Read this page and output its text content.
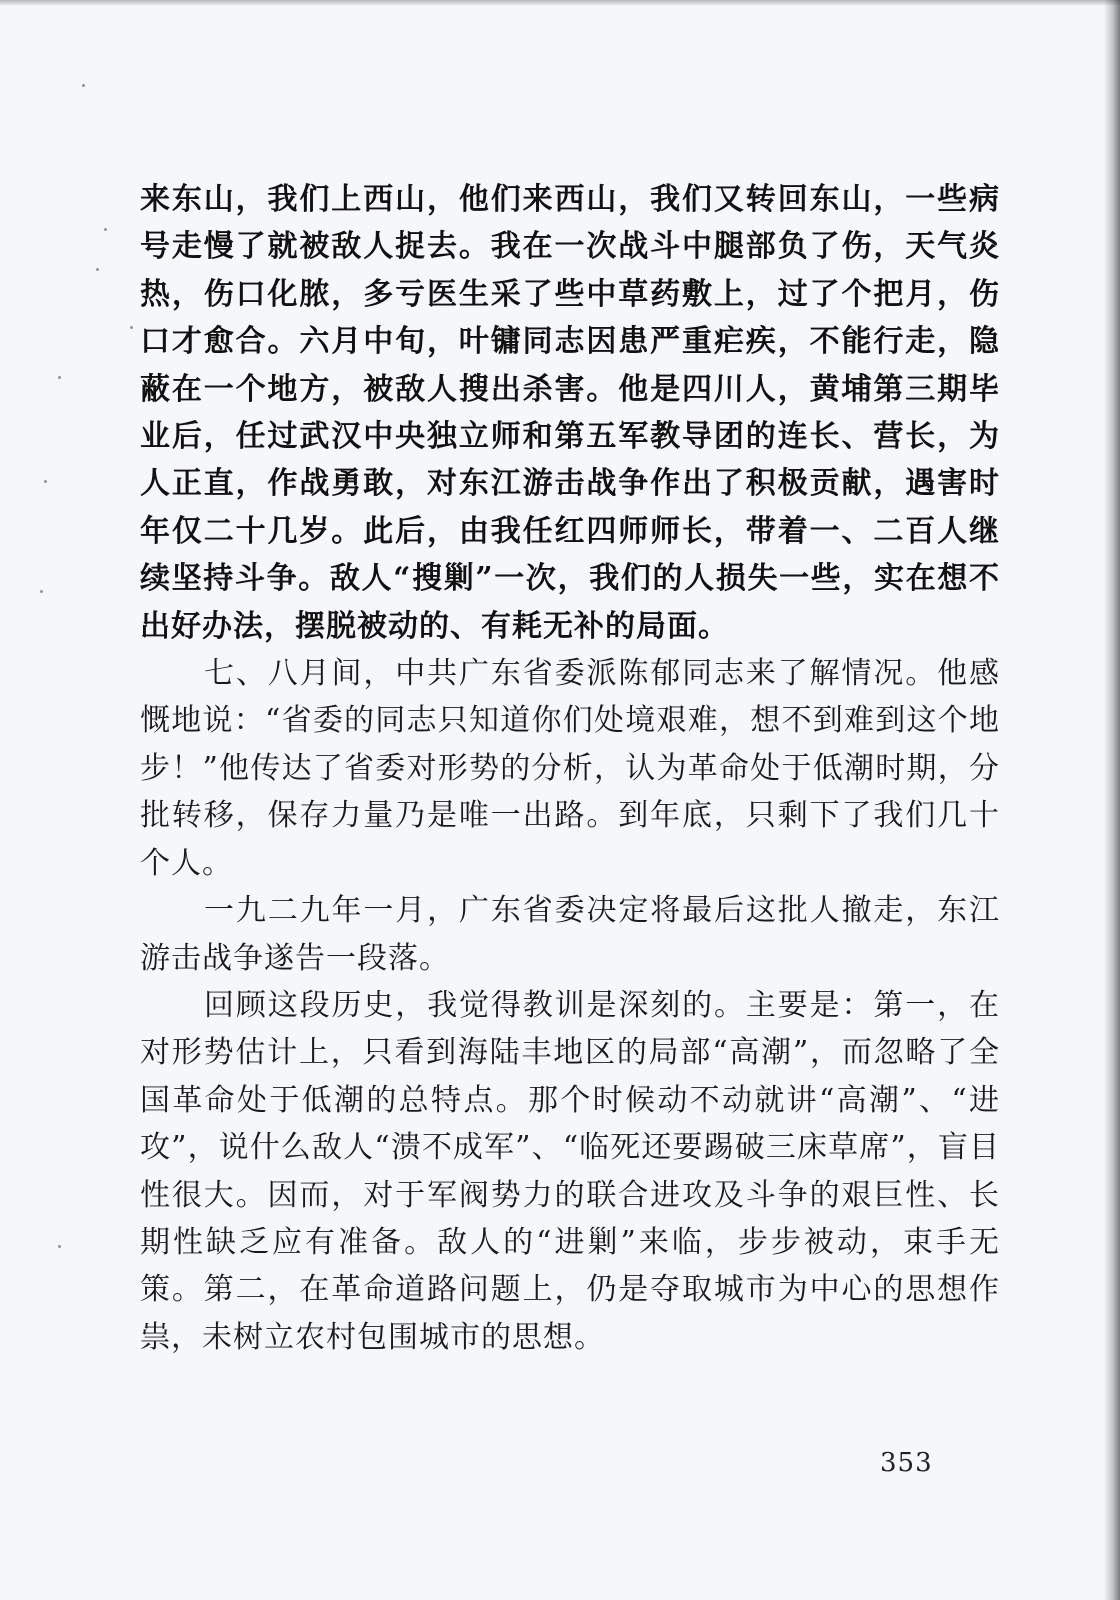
来东山，我们上西山，他们来西山，我们又转回东山，一些病号走慢了就被敌人捉去。我在一次战斗中腿部负了伤，天气炎热，伤口化脓，多亏医生采了些中草药敷上，过了个把月，伤口才愈合。六月中旬，叶镛同志因患严重疟疾，不能行走，隐蔽在一个地方，被敌人搜出杀害。他是四川人，黄埔第三期毕业后，任过武汉中央独立师和第五军教导团的连长、营长，为人正直，作战勇敢，对东江游击战争作出了积极贡献，遇害时年仅二十几岁。此后，由我任红四师师长，带着一、二百人继续坚持斗争。敌人“搜剿”一次，我们的人损失一些，实在想不出好办法，摆脱被动的、有耗无补的局面。

七、八月间，中共广东省委派陈郁同志来了解情况。他感慨地说：“省委的同志只知道你们处境艰难，想不到难到这个地步！”他传达了省委对形势的分析，认为革命处于低潮时期，分批转移，保存力量乃是唯一出路。到年底，只剩下了我们几十个人。

一九二九年一月，广东省委决定将最后这批人撤走，东江游击战争遂告一段落。

回顾这段历史，我觉得教训是深刻的。主要是：第一，在对形势估计上，只看到海陆丰地区的局部“高潮”，而忽略了全国革命处于低潮的总特点。那个时候动不动就讲“高潮”、“进攻”，说什么敌人“溃不成军”、“临死还要踢破三床草席”，盲目性很大。因而，对于军阀势力的联合进攻及斗争的艰巨性、长期性缺乏应有准备。敌人的“进剿”来临，步步被动，束手无策。第二，在革命道路问题上，仍是夺取城市为中心的思想作祟，未树立农村包围城市的思想。

353
